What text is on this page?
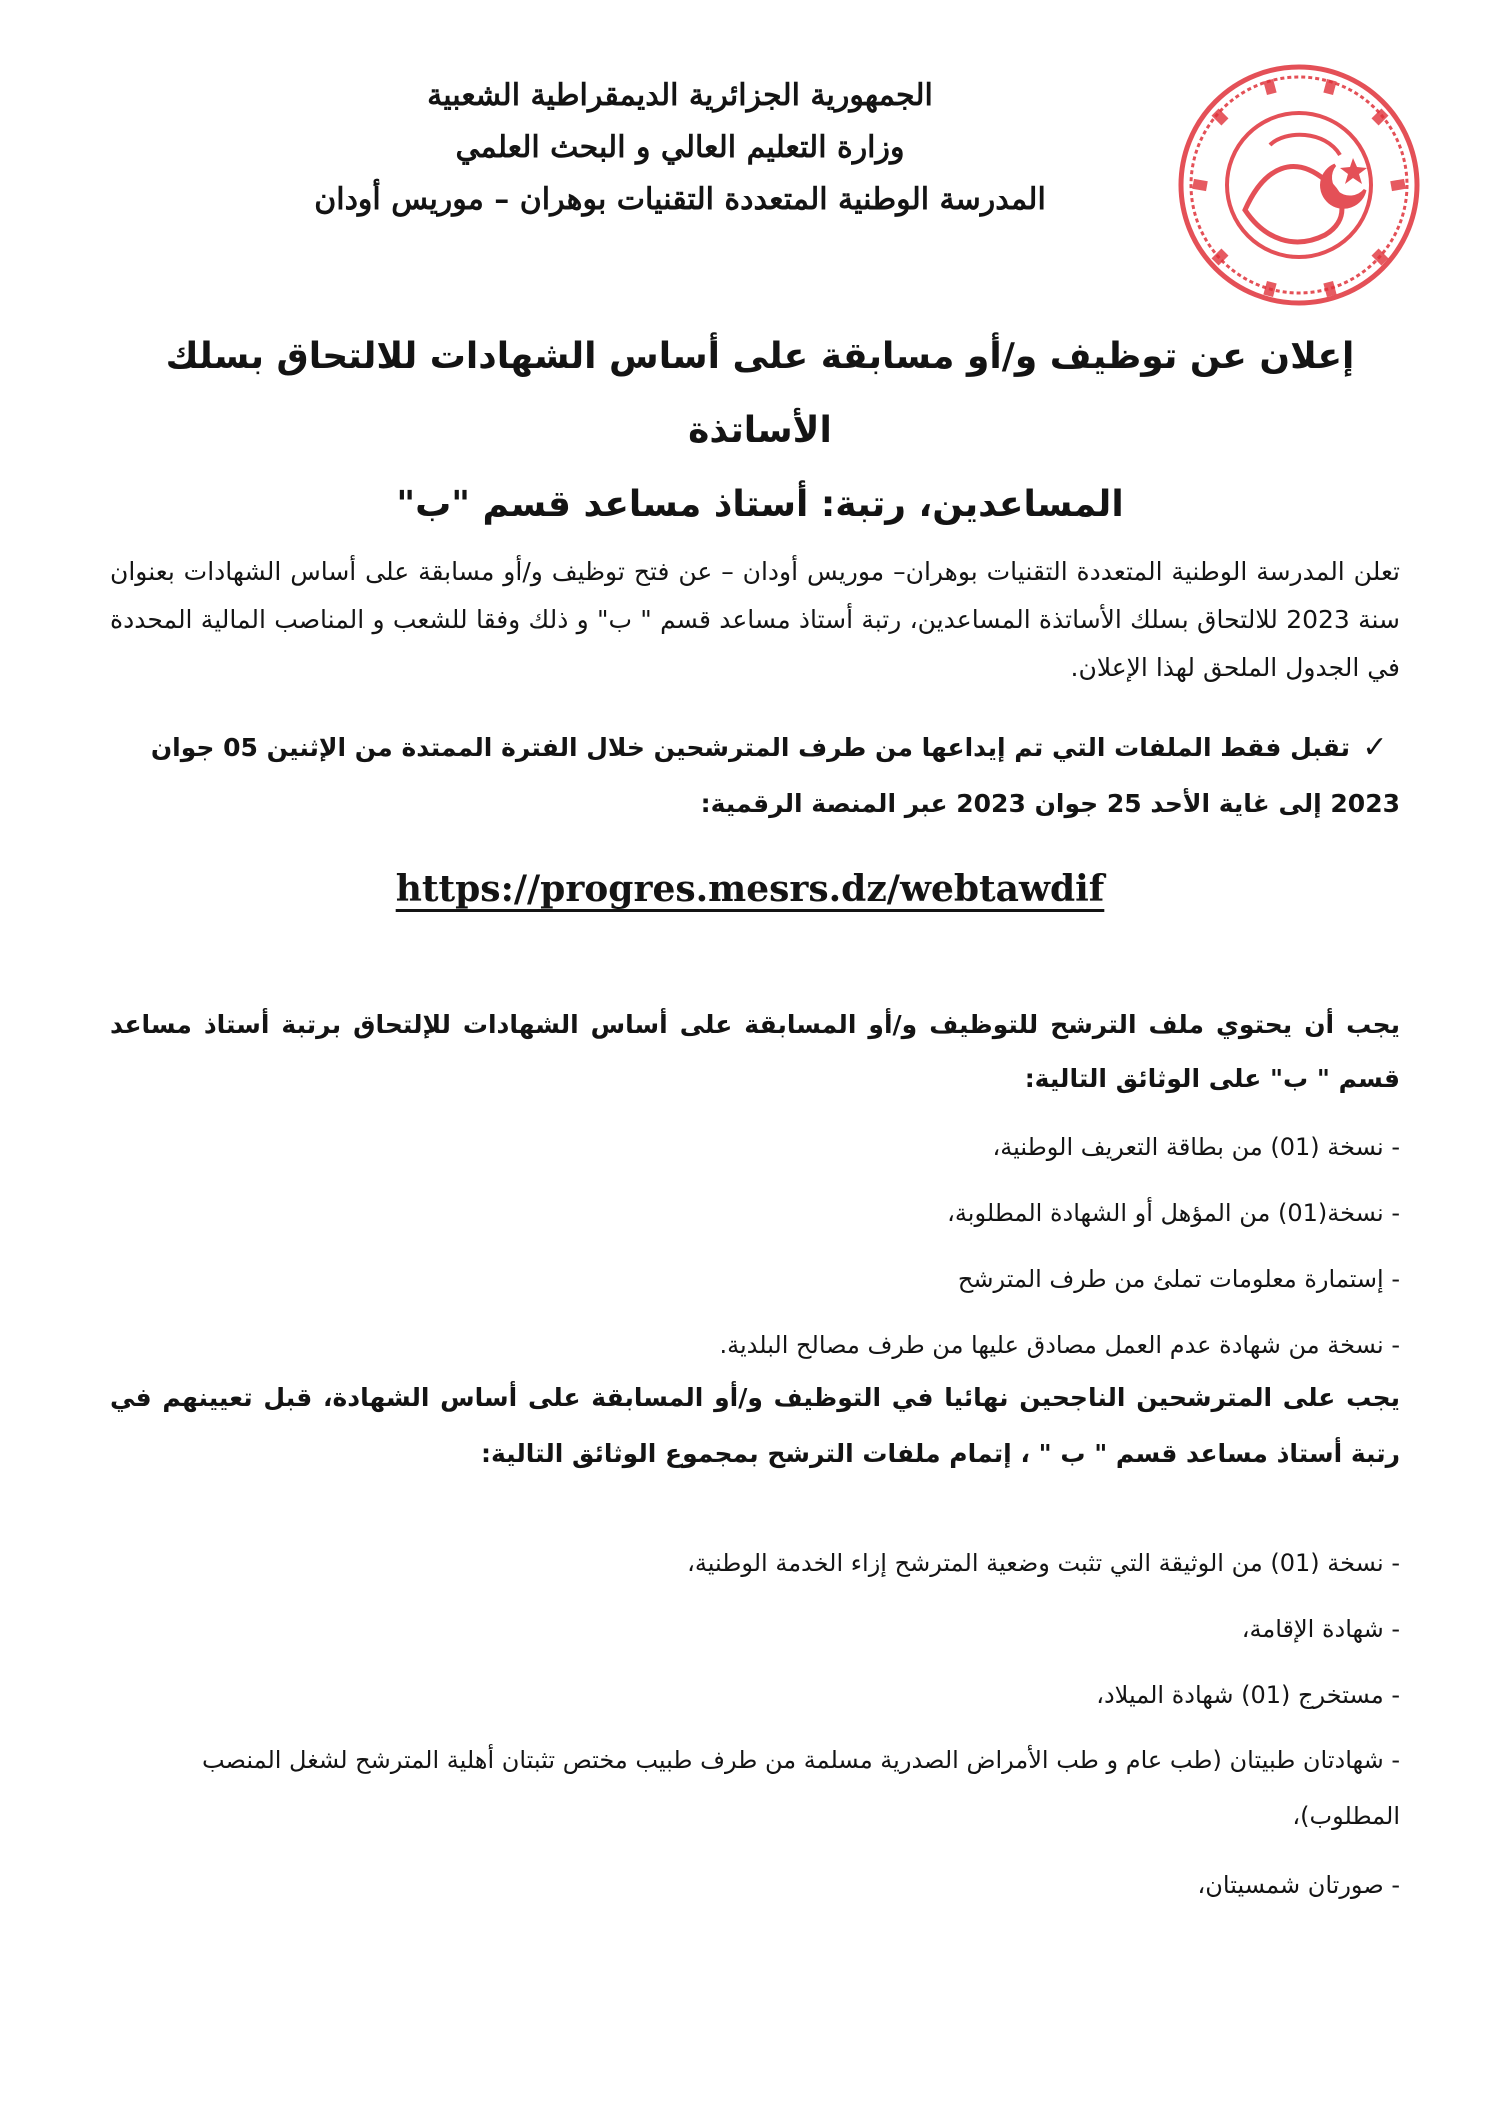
الجمهورية الجزائرية الديمقراطية الشعبية
وزارة التعليم العالي و البحث العلمي
المدرسة الوطنية المتعددة التقنيات بوهران – موريس أودان
إعلان عن توظيف و/أو مسابقة على أساس الشهادات للالتحاق بسلك الأساتذة
المساعدين، رتبة: أستاذ مساعد قسم "ب"
تعلن المدرسة الوطنية المتعددة التقنيات بوهران– موريس أودان – عن فتح توظيف و/أو مسابقة على أساس الشهادات بعنوان سنة 2023 للالتحاق بسلك الأساتذة المساعدين، رتبة أستاذ مساعد قسم " ب" و ذلك وفقا للشعب و المناصب المالية المحددة في الجدول الملحق لهذا الإعلان.
✓
تقبل فقط الملفات التي تم إيداعها من طرف المترشحين خلال الفترة الممتدة من الإثنين 05 جوان 2023 إلى غاية الأحد 25 جوان 2023 عبر المنصة الرقمية:
https://progres.mesrs.dz/webtawdif
يجب أن يحتوي ملف الترشح للتوظيف و/أو المسابقة على أساس الشهادات للإلتحاق برتبة أستاذ مساعد قسم " ب" على الوثائق التالية:
- نسخة (01) من بطاقة التعريف الوطنية،
- نسخة(01) من المؤهل أو الشهادة المطلوبة،
- إستمارة معلومات تملئ من طرف المترشح
- نسخة من شهادة عدم العمل مصادق عليها من طرف مصالح البلدية.
يجب على المترشحين الناجحين نهائيا في التوظيف و/أو المسابقة على أساس الشهادة، قبل تعيينهم في رتبة أستاذ مساعد قسم " ب " ، إتمام ملفات الترشح بمجموع الوثائق التالية:
- نسخة (01) من الوثيقة التي تثبت وضعية المترشح إزاء الخدمة الوطنية،
- شهادة الإقامة،
- مستخرج (01) شهادة الميلاد،
- شهادتان طبيتان (طب عام و طب الأمراض الصدرية مسلمة من طرف طبيب مختص تثبتان أهلية المترشح لشغل المنصب المطلوب)،
- صورتان شمسيتان،
